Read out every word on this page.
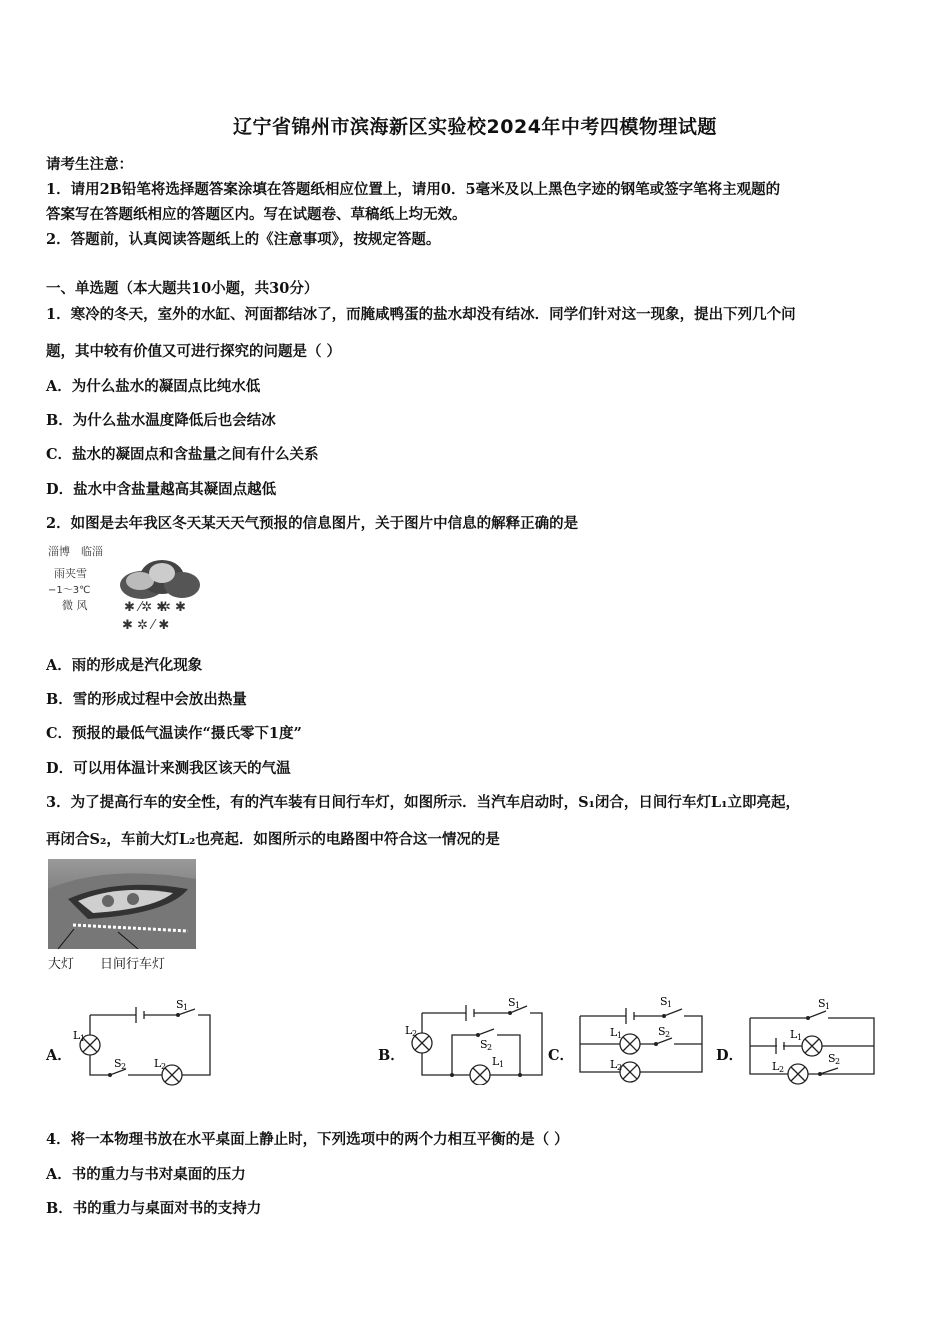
辽宁省锦州市滨海新区实验校2024年中考四模物理试题
请考生注意：
1．请用2B铅笔将选择题答案涂填在答题纸相应位置上，请用0．5毫米及以上黑色字迹的钢笔或签字笔将主观题的
答案写在答题纸相应的答题区内。写在试题卷、草稿纸上均无效。
2．答题前，认真阅读答题纸上的《注意事项》，按规定答题。
一、单选题（本大题共10小题，共30分）
1．寒冷的冬天，室外的水缸、河面都结冰了，而腌咸鸭蛋的盐水却没有结冰．同学们针对这一现象，提出下列几个问
题，其中较有价值又可进行探究的问题是（ ）
A．为什么盐水的凝固点比纯水低
B．为什么盐水温度降低后也会结冰
C．盐水的凝固点和含盐量之间有什么关系
D．盐水中含盐量越高其凝固点越低
2．如图是去年我区冬天某天天气预报的信息图片，关于图片中信息的解释正确的是
淄博　临淄
雨夹雪
−1～3℃
微 风	✱ ⁄✲ ✱
✲ ✱
✱ ✲ ⁄ ✱
A．雨的形成是汽化现象
B．雪的形成过程中会放出热量
C．预报的最低气温读作“摄氏零下1度”
D．可以用体温计来测我区该天的气温
3．为了提高行车的安全性，有的汽车装有日间行车灯，如图所示．当汽车启动时，S₁闭合，日间行车灯L₁立即亮起，
再闭合S₂，车前大灯L₂也亮起．如图所示的电路图中符合这一情况的是
大灯 日间行车灯
A．
S 1
L 1
S 2	L 2
B．
S 1
L 2
S 2
L 1
C．
S 1
L 1	S 2
L 2
D．
S 1
L 1
S 2
L 2
4．将一本物理书放在水平桌面上静止时，下列选项中的两个力相互平衡的是（ ）
A．书的重力与书对桌面的压力
B．书的重力与桌面对书的支持力
